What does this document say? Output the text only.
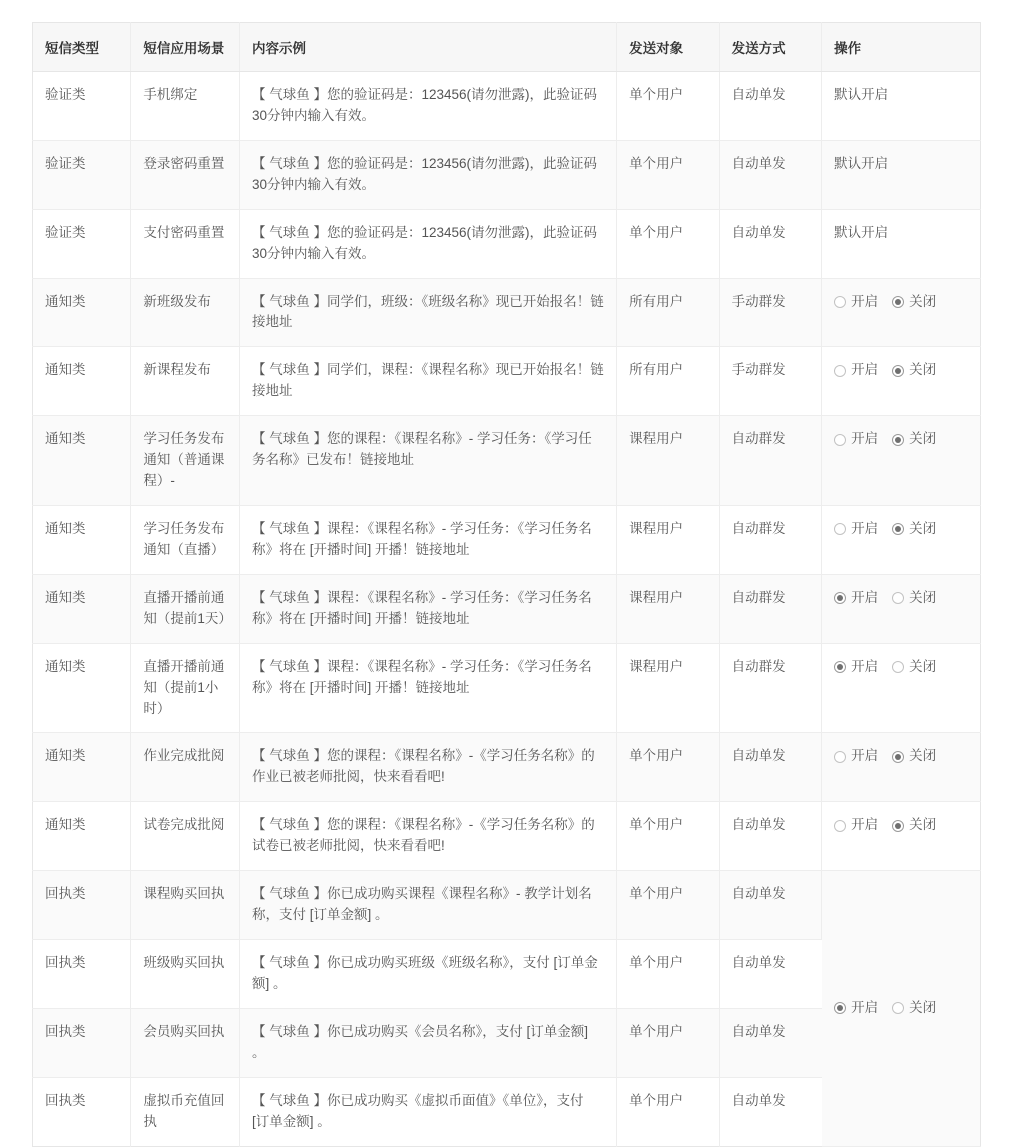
短信类型	短信应用场景	内容示例	发送对象	发送方式	操作
验证类	手机绑定	【 气球鱼 】您的验证码是：123456(请勿泄露)，此验证码30分钟内输入有效。	单个用户	自动单发	默认开启
验证类	登录密码重置	【 气球鱼 】您的验证码是：123456(请勿泄露)，此验证码30分钟内输入有效。	单个用户	自动单发	默认开启
验证类	支付密码重置	【 气球鱼 】您的验证码是：123456(请勿泄露)，此验证码30分钟内输入有效。	单个用户	自动单发	默认开启
通知类	新班级发布	【 气球鱼 】同学们，班级：《班级名称》现已开始报名！链接地址	所有用户	手动群发	开启 关闭

通知类	新课程发布	【 气球鱼 】同学们，课程：《课程名称》现已开始报名！链接地址	所有用户	手动群发	开启 关闭

通知类	学习任务发布通知（普通课程）-	【 气球鱼 】您的课程：《课程名称》- 学习任务：《学习任务名称》已发布！链接地址	课程用户	自动群发	开启 关闭

通知类	学习任务发布通知（直播）	【 气球鱼 】课程：《课程名称》- 学习任务：《学习任务名称》将在 [开播时间] 开播！链接地址	课程用户	自动群发	开启 关闭

通知类	直播开播前通知（提前1天）	【 气球鱼 】课程：《课程名称》- 学习任务：《学习任务名称》将在 [开播时间] 开播！链接地址	课程用户	自动群发	开启 关闭

通知类	直播开播前通知（提前1小时）	【 气球鱼 】课程：《课程名称》- 学习任务：《学习任务名称》将在 [开播时间] 开播！链接地址	课程用户	自动群发	开启 关闭

通知类	作业完成批阅	【 气球鱼 】您的课程：《课程名称》-《学习任务名称》的作业已被老师批阅，快来看看吧!	单个用户	自动单发	开启 关闭

通知类	试卷完成批阅	【 气球鱼 】您的课程：《课程名称》-《学习任务名称》的试卷已被老师批阅，快来看看吧!	单个用户	自动单发	开启 关闭

回执类	课程购买回执	【 气球鱼 】你已成功购买课程《课程名称》- 教学计划名称，支付 [订单金额] 。	单个用户	自动单发	开启 关闭

回执类	班级购买回执	【 气球鱼 】你已成功购买班级《班级名称》，支付 [订单金额] 。	单个用户	自动单发	
回执类	会员购买回执	【 气球鱼 】你已成功购买《会员名称》，支付 [订单金额] 。	单个用户	自动单发	
回执类	虚拟币充值回执	【 气球鱼 】你已成功购买《虚拟币面值》《单位》，支付 [订单金额] 。	单个用户	自动单发	
